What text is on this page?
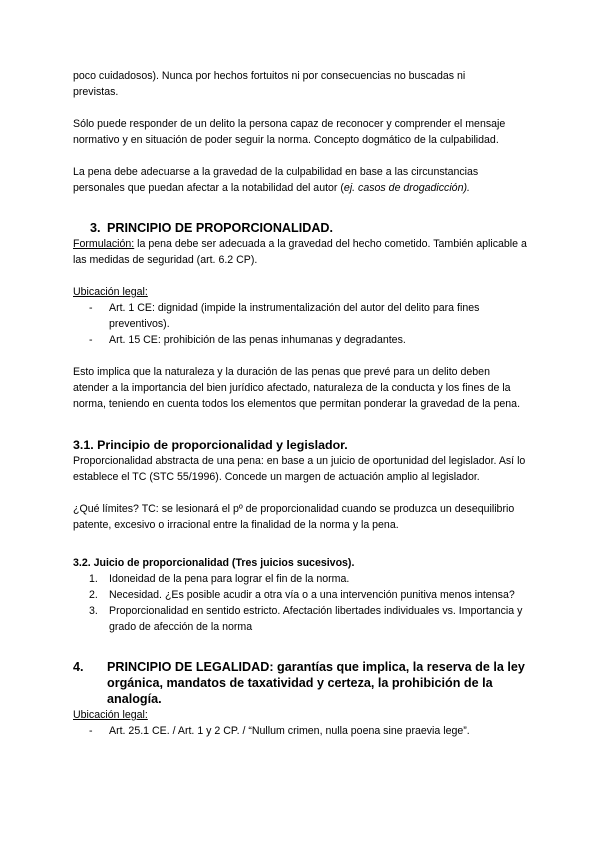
poco cuidadosos). Nunca por hechos fortuitos ni por consecuencias no buscadas ni

previstas.

Sólo puede responder de un delito la persona capaz de reconocer y comprender el mensaje normativo y en situación de poder seguir la norma. Concepto dogmático de la culpabilidad.

La pena debe adecuarse a la gravedad de la culpabilidad en base a las circunstancias personales que puedan afectar a la notabilidad del autor (ej. casos de drogadicción).

3. PRINCIPIO DE PROPORCIONALIDAD.

Formulación: la pena debe ser adecuada a la gravedad del hecho cometido. También aplicable a las medidas de seguridad (art. 6.2 CP).

Ubicación legal:

- Art. 1 CE: dignidad (impide la instrumentalización del autor del delito para fines preventivos).
- Art. 15 CE: prohibición de las penas inhumanas y degradantes.

Esto implica que la naturaleza y la duración de las penas que prevé para un delito deben atender a la importancia del bien jurídico afectado, naturaleza de la conducta y los fines de la norma, teniendo en cuenta todos los elementos que permitan ponderar la gravedad de la pena.

3.1. Principio de proporcionalidad y legislador.

Proporcionalidad abstracta de una pena: en base a un juicio de oportunidad del legislador. Así lo establece el TC (STC 55/1996). Concede un margen de actuación amplio al legislador.

¿Qué límites? TC: se lesionará el pº de proporcionalidad cuando se produzca un desequilibrio patente, excesivo o irracional entre la finalidad de la norma y la pena.

3.2. Juicio de proporcionalidad (Tres juicios sucesivos).

1. Idoneidad de la pena para lograr el fin de la norma.
2. Necesidad. ¿Es posible acudir a otra vía o a una intervención punitiva menos intensa?
3. Proporcionalidad en sentido estricto. Afectación libertades individuales vs. Importancia y grado de afección de la norma
4. PRINCIPIO DE LEGALIDAD: garantías que implica, la reserva de la ley orgánica, mandatos de taxatividad y certeza, la prohibición de la analogía.

Ubicación legal:

- Art. 25.1 CE. / Art. 1 y 2 CP. / “Nullum crimen, nulla poena sine praevia lege”.
